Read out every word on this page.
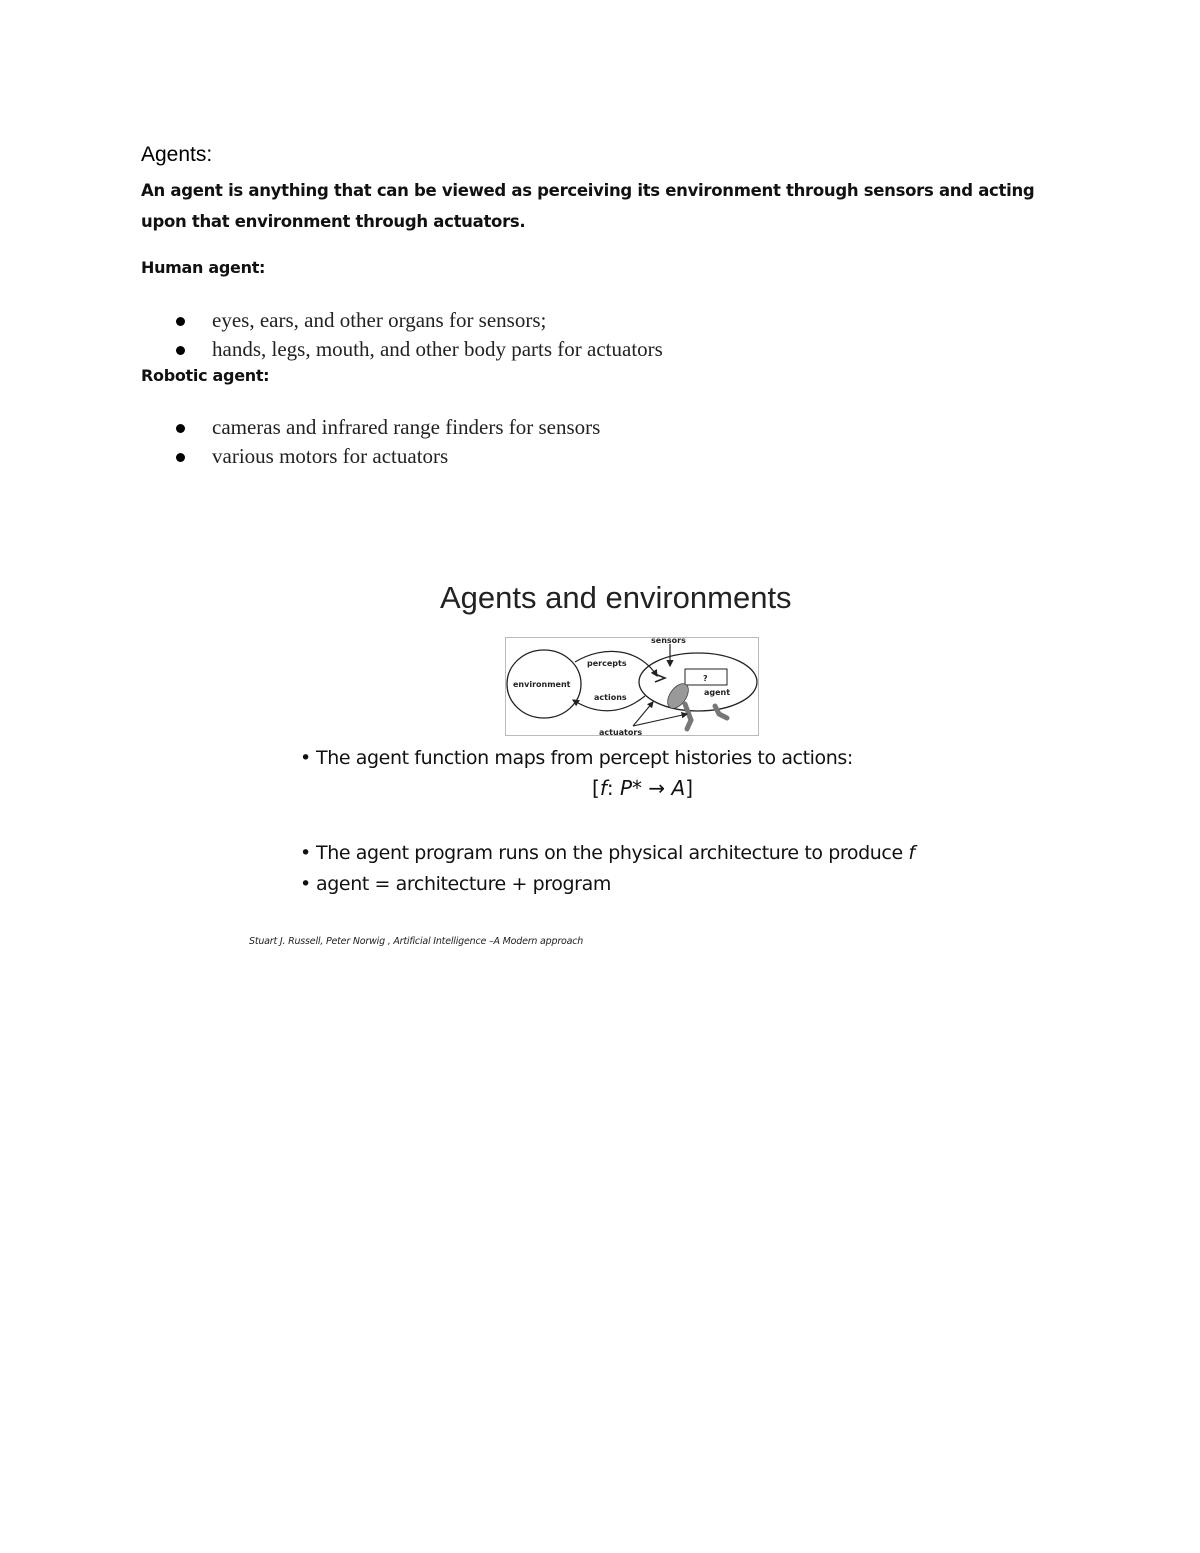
Agents:
An agent is anything that can be viewed as perceiving its environment through sensors and acting upon that environment through actuators.
Human agent:
eyes, ears, and other organs for sensors;
hands, legs, mouth, and other body parts for actuators
Robotic agent:
cameras and infrared range finders for sensors
various motors for actuators
Agents and environments
sensors
percepts
environment
actions
agent
?
actuators
• The agent function maps from percept histories to actions:
[f: P* → A]
• The agent program runs on the physical architecture to produce f
• agent = architecture + program
Stuart J. Russell, Peter Norwig , Artificial Intelligence –A Modern approach
